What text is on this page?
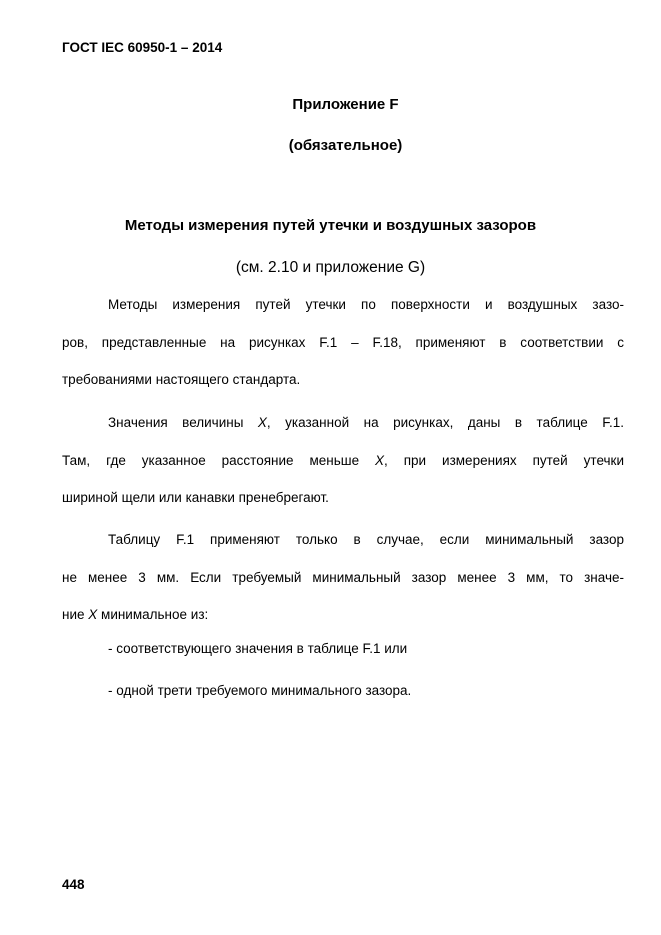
ГОСТ IEC 60950-1 – 2014
Приложение F
(обязательное)
Методы измерения путей утечки и воздушных зазоров
(см. 2.10 и приложение G)
Методы измерения путей утечки по поверхности и воздушных зазо-
ров, представленные на рисунках F.1 – F.18, применяют в соответствии с
требованиями настоящего стандарта.
Значения величины X, указанной на рисунках, даны в таблице F.1.
Там, где указанное расстояние меньше X, при измерениях путей утечки
шириной щели или канавки пренебрегают.
Таблицу F.1 применяют только в случае, если минимальный зазор
не менее 3 мм. Если требуемый минимальный зазор менее 3 мм, то значе-
ние X минимальное из:
- соответствующего значения в таблице F.1 или
- одной трети требуемого минимального зазора.
448
